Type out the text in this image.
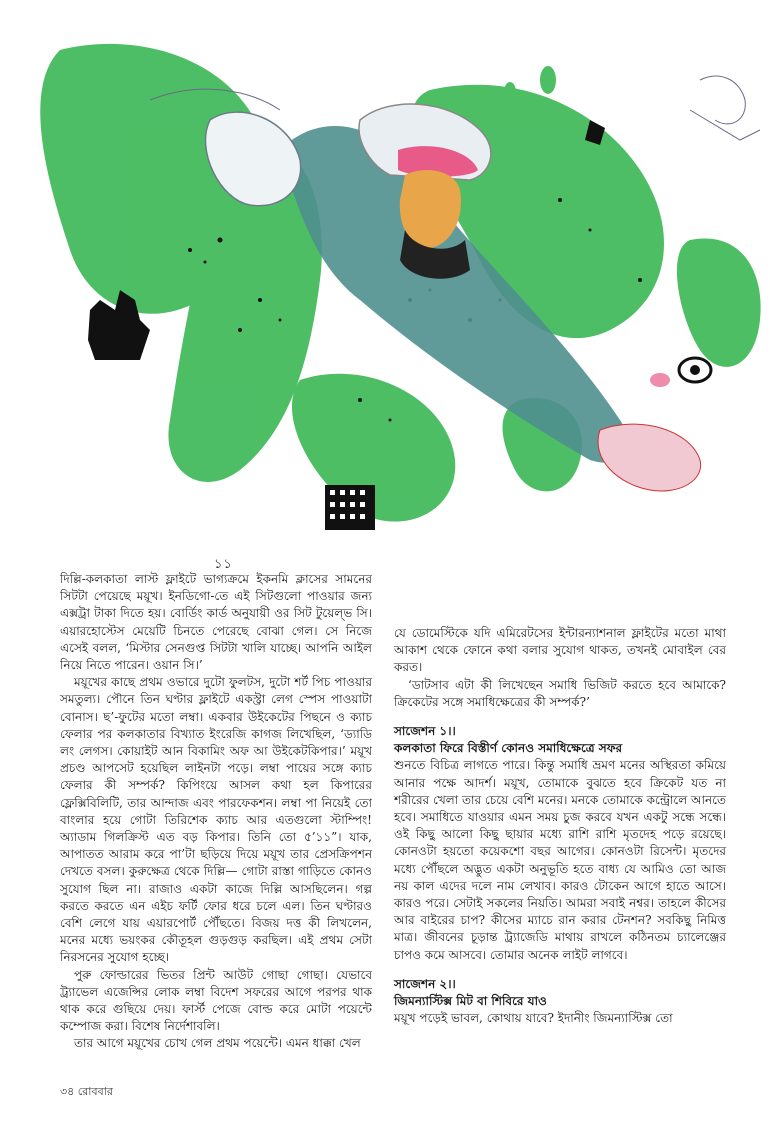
১১

দিল্লি-কলকাতা লাস্ট ফ্লাইটে ভাগ্যক্রমে ইকনমি ক্লাসের সামনের সিটটা পেয়েছে ময়ূখ। ইনডিগো-তে এই সিটগুলো পাওয়ার জন্য এক্সট্রা টাকা দিতে হয়। বোর্ডিং কার্ড অনুযায়ী ওর সিট টুয়েল্ভ সি। এয়ারহোস্টেস মেয়েটি চিনতে পেরেছে বোঝা গেল। সে নিজে এসেই বলল, ‘মিস্টার সেনগুপ্ত সিটটা খালি যাচ্ছে। আপনি আইল নিয়ে নিতে পারেন। ওয়ান সি।’

ময়ূখের কাছে প্রথম ওভারে দুটো ফুলটস, দুটো শর্ট পিচ পাওয়ার সমতুল্য। পৌনে তিন ঘণ্টার ফ্লাইটে একস্ট্রা লেগ স্পেস পাওয়াটা বোনাস। ছ’-ফুটের মতো লম্বা। একবার উইকেটের পিছনে ও ক্যাচ ফেলার পর কলকাতার বিখ্যাত ইংরেজি কাগজ লিখেছিল, ‘ড্যাডি লং লেগস। কোয়াইট আন বিকামিং অফ আ উইকেটকিপার।’ ময়ূখ প্রচণ্ড আপসেট হয়েছিল লাইনটা পড়ে। লম্বা পায়ের সঙ্গে ক্যাচ ফেলার কী সম্পর্ক? কিপিংয়ে আসল কথা হল কিপারের ফ্লেক্সিবিলিটি, তার আন্দাজ এবং পারফেকশন। লম্বা পা নিয়েই তো বাংলার হয়ে গোটা তিরিশেক ক্যাচ আর এতগুলো স্টাম্পিং! অ্যাডাম গিলক্রিস্ট এত বড় কিপার। তিনি তো ৫’১১”। যাক, আপাতত আরাম করে পা’টা ছড়িয়ে দিয়ে ময়ূখ তার প্রেসক্রিপশন দেখতে বসল। কুরুক্ষেত্র থেকে দিল্লি— গোটা রাস্তা গাড়িতে কোনও সুযোগ ছিল না। রাজাও একটা কাজে দিল্লি আসছিলেন। গল্প করতে করতে এন এইচ ফর্টি ফোর ধরে চলে এল। তিন ঘণ্টারও বেশি লেগে যায় এয়ারপোর্ট পৌঁছতে। বিজয় দত্ত কী লিখলেন, মনের মধ্যে ভয়ংকর কৌতূহল গুড়গুড় করছিল। এই প্রথম সেটা নিরসনের সুযোগ হচ্ছে।

পুরু ফোল্ডারের ভিতর প্রিন্ট আউট গোছা গোছা। যেভাবে ট্র্যাভেল এজেন্সির লোক লম্বা বিদেশ সফরের আগে পরপর থাক থাক করে গুছিয়ে দেয়। ফার্স্ট পেজে বোল্ড করে মোটা পয়েন্টে কম্পোজ করা। বিশেষ নির্দেশাবলি।

তার আগে ময়ূখের চোখ গেল প্রথম পয়েন্টে। এমন ধাক্কা খেল

যে ডোমেস্টিকে যদি এমিরেটসের ইন্টারন্যাশনাল ফ্লাইটের মতো মাথা আকাশ থেকে ফোনে কথা বলার সুযোগ থাকত, তখনই মোবাইল বের করত।

‘ডাটসাব এটা কী লিখেছেন সমাধি ভিজিট করতে হবে আমাকে? ক্রিকেটের সঙ্গে সমাধিক্ষেত্রের কী সম্পর্ক?’

সাজেশন ১।।

কলকাতা ফিরে বিস্তীর্ণ কোনও সমাধিক্ষেত্রে সফর

শুনতে বিচিত্র লাগতে পারে। কিন্তু সমাধি ভ্রমণ মনের অস্থিরতা কমিয়ে আনার পক্ষে আদর্শ। ময়ূখ, তোমাকে বুঝতে হবে ক্রিকেট যত না শরীরের খেলা তার চেয়ে বেশি মনের। মনকে তোমাকে কন্ট্রোলে আনতে হবে। সমাধিতে যাওয়ার এমন সময় চুজ করবে যখন একটু সন্ধে সন্ধে। ওই কিছু আলো কিছু ছায়ার মধ্যে রাশি রাশি মৃতদেহ পড়ে রয়েছে। কোনওটা হয়তো কয়েকশো বছর আগের। কোনওটা রিসেন্ট। মৃতদের মধ্যে পৌঁছলে অদ্ভুত একটা অনুভূতি হতে বাধ্য যে আমিও তো আজ নয় কাল এদের দলে নাম লেখাব। কারও টোকেন আগে হাতে আসে। কারও পরে। সেটাই সকলের নিয়তি। আমরা সবাই নশ্বর। তাহলে কীসের আর বাইরের চাপ? কীসের ম্যাচে রান করার টেনশন? সবকিছু নিমিত্ত মাত্র। জীবনের চূড়ান্ত ট্র্যাজেডি মাথায় রাখলে কঠিনতম চ্যালেঞ্জের চাপও কমে আসবে। তোমার অনেক লাইট লাগবে।

সাজেশন ২।।

জিমন্যাস্টিক্স মিট বা শিবিরে যাও

ময়ূখ পড়েই ভাবল, কোথায় যাবে? ইদানীং জিমন্যাস্টিক্স তো

৩৪ রোববার
